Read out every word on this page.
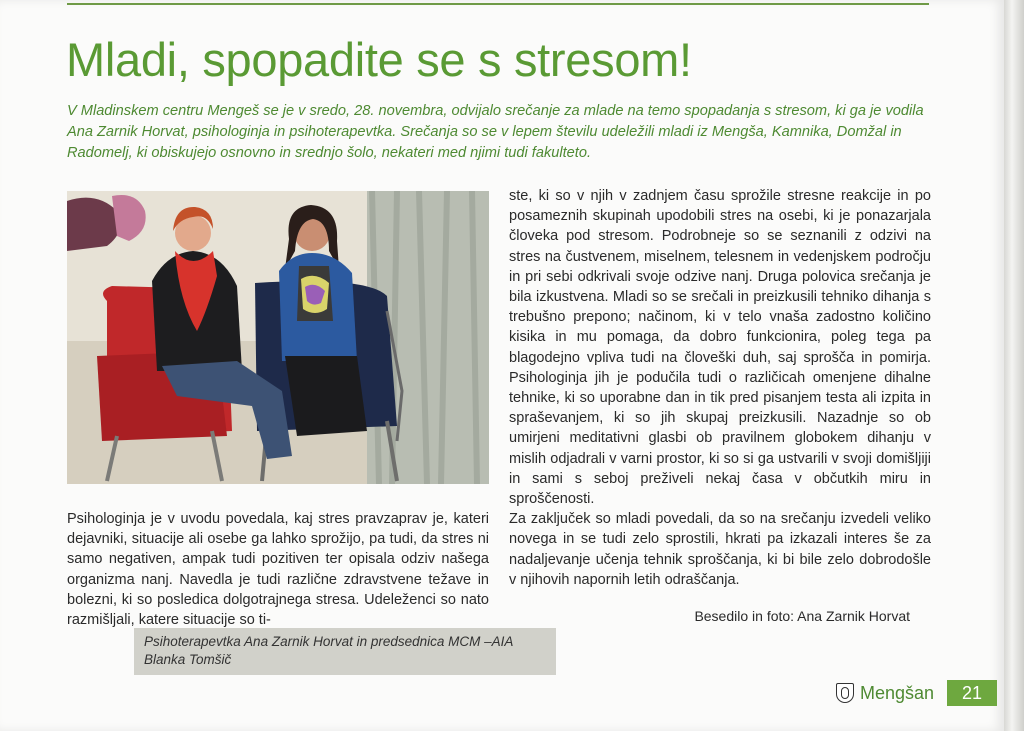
Mladi, spopadite se s stresom!

V Mladinskem centru Mengeš se je v sredo, 28. novembra, odvijalo srečanje za mlade na temo spopadanja s stresom, ki ga je vodila Ana Zarnik Horvat, psihologinja in psihoterapevtka. Srečanja so se v lepem številu udeležili mladi iz Mengša, Kamnika, Domžal in Radomelj, ki obiskujejo osnovno in srednjo šolo, nekateri med njimi tudi fakulteto.

Psihoterapevtka Ana Zarnik Horvat in predsednica MCM –AIA Blanka Tomšič

Psihologinja je v uvodu povedala, kaj stres pravzaprav je, kateri dejavniki, situacije ali osebe ga lahko sprožijo, pa tudi, da stres ni samo negativen, ampak tudi pozitiven ter opisala odziv našega organizma nanj. Navedla je tudi različne zdravstvene težave in bolezni, ki so posledica dolgotrajnega stresa. Udeleženci so nato razmišljali, katere situacije so ti-

ste, ki so v njih v zadnjem času sprožile stresne reakcije in po posameznih skupinah upodobili stres na osebi, ki je ponazarjala človeka pod stresom. Podrobneje so se seznanili z odzivi na stres na čustvenem, miselnem, telesnem in vedenjskem področju in pri sebi odkrivali svoje odzive nanj. Druga polovica srečanja je bila izkustvena. Mladi so se srečali in preizkusili tehniko dihanja s trebušno prepono; načinom, ki v telo vnaša zadostno količino kisika in mu pomaga, da dobro funkcionira, poleg tega pa blagodejno vpliva tudi na človeški duh, saj sprošča in pomirja. Psihologinja jih je podučila tudi o različicah omenjene dihalne tehnike, ki so uporabne dan in tik pred pisanjem testa ali izpita in spraševanjem, ki so jih skupaj preizkusili. Nazadnje so ob umirjeni meditativni glasbi ob pravilnem globokem dihanju v mislih odjadrali v varni prostor, ki so si ga ustvarili v svoji domišljiji in sami s seboj preživeli nekaj časa v občutkih miru in sproščenosti.

Za zaključek so mladi povedali, da so na srečanju izvedeli veliko novega in se tudi zelo sprostili, hkrati pa izkazali interes še za nadaljevanje učenja tehnik sproščanja, ki bi bile zelo dobrodošle v njihovih napornih letih odraščanja.

Besedilo in foto: Ana Zarnik Horvat
Mengšan	21
